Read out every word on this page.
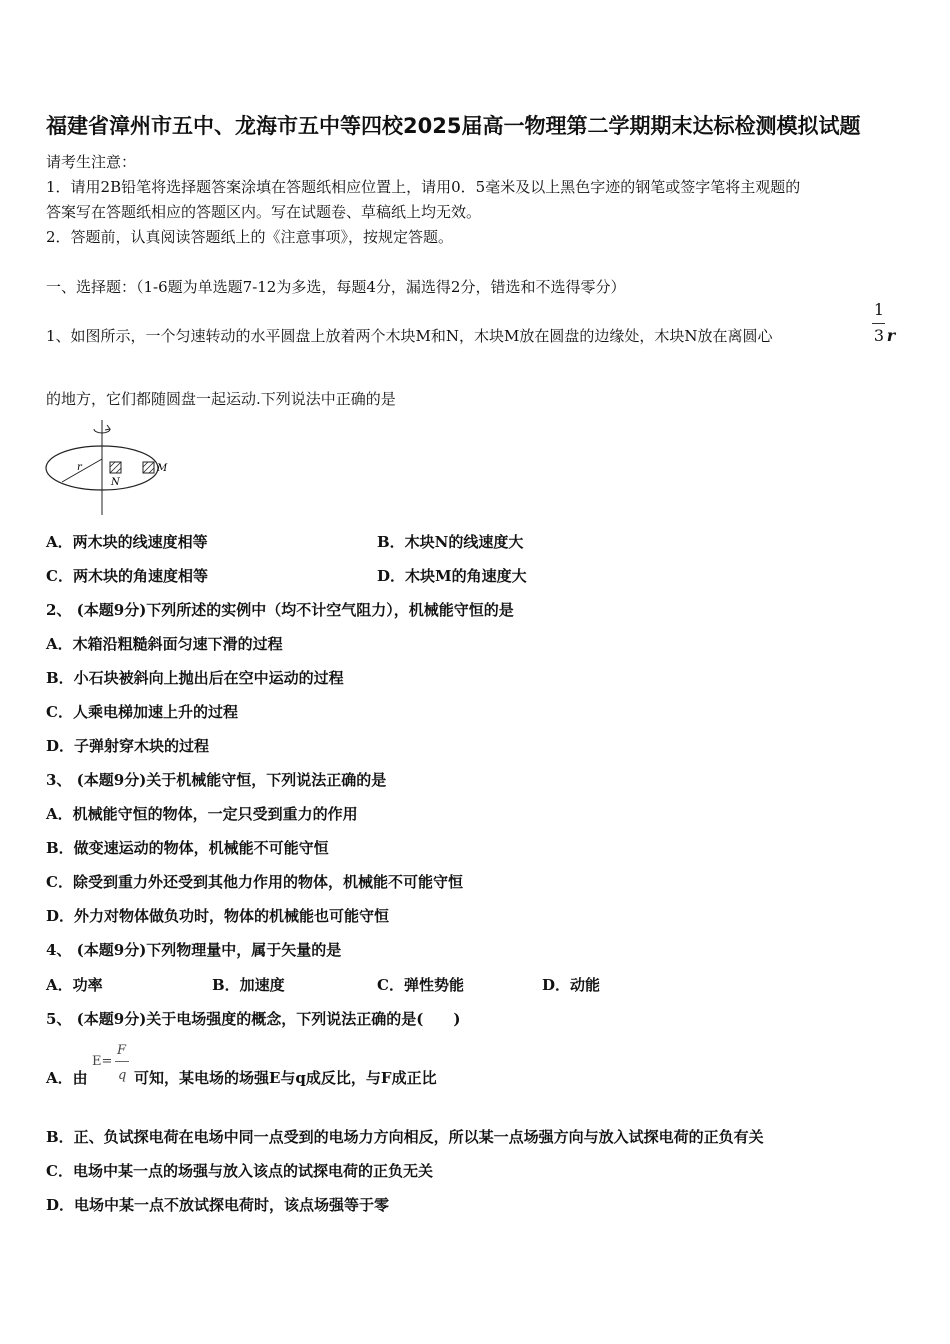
福建省漳州市五中、龙海市五中等四校2025届高一物理第二学期期末达标检测模拟试题
请考生注意：
1．请用2B铅笔将选择题答案涂填在答题纸相应位置上，请用0．5毫米及以上黑色字迹的钢笔或签字笔将主观题的
答案写在答题纸相应的答题区内。写在试题卷、草稿纸上均无效。
2．答题前，认真阅读答题纸上的《注意事项》，按规定答题。
一、选择题：（1-6题为单选题7-12为多选，每题4分，漏选得2分，错选和不选得零分）
1、如图所示，一个匀速转动的水平圆盘上放着两个木块M和N，木块M放在圆盘的边缘处，木块N放在离圆心
1
3 r
的地方，它们都随圆盘一起运动.下列说法中正确的是
r
N
M
A．两木块的线速度相等	B．木块N的线速度大
C．两木块的角速度相等	D．木块M的角速度大
2、 (本题9分)下列所述的实例中（均不计空气阻力），机械能守恒的是
A．木箱沿粗糙斜面匀速下滑的过程
B．小石块被斜向上抛出后在空中运动的过程
C．人乘电梯加速上升的过程
D．子弹射穿木块的过程
3、 (本题9分)关于机械能守恒，下列说法正确的是
A．机械能守恒的物体，一定只受到重力的作用
B．做变速运动的物体，机械能不可能守恒
C．除受到重力外还受到其他力作用的物体，机械能不可能守恒
D．外力对物体做负功时，物体的机械能也可能守恒
4、 (本题9分)下列物理量中，属于矢量的是
A．功率	B．加速度	C．弹性势能	D．动能
5、 (本题9分)关于电场强度的概念，下列说法正确的是(　　)
A．由
E=
F
q 可知，某电场的场强E与q成反比，与F成正比
B．正、负试探电荷在电场中同一点受到的电场力方向相反，所以某一点场强方向与放入试探电荷的正负有关
C．电场中某一点的场强与放入该点的试探电荷的正负无关
D．电场中某一点不放试探电荷时，该点场强等于零
